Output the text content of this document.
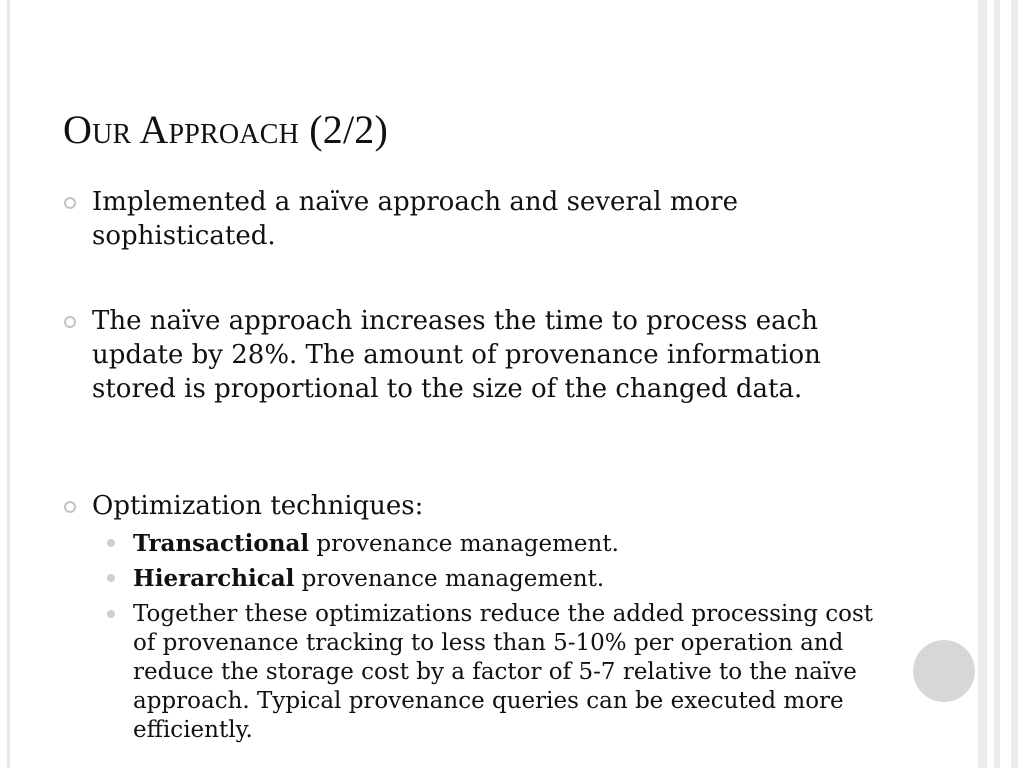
Our Approach (2/2)
Implemented a naïve approach and several more sophisticated.
The naïve approach increases the time to process each update by 28%. The amount of provenance information stored is proportional to the size of the changed data.
Optimization techniques:
Transactional provenance management.
Hierarchical provenance management.
Together these optimizations reduce the added processing cost of provenance tracking to less than 5-10% per operation and reduce the storage cost by a factor of 5-7 relative to the naïve approach. Typical provenance queries can be executed more efficiently.
